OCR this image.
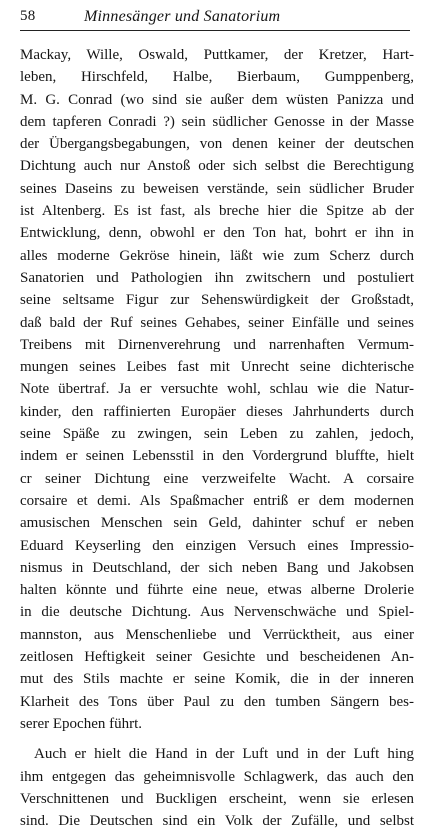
58	Minnesänger und Sanatorium
Mackay, Wille, Oswald, Puttkamer, der Kretzer, Hart-
leben, Hirschfeld, Halbe, Bierbaum, Gumppenberg,
M. G. Conrad (wo sind sie außer dem wüsten Panizza und
dem tapferen Conradi ?) sein südlicher Genosse in der Masse
der Übergangsbegabungen, von denen keiner der deutschen
Dichtung auch nur Anstoß oder sich selbst die Berechtigung
seines Daseins zu beweisen verstände, sein südlicher Bruder
ist Altenberg. Es ist fast, als breche hier die Spitze ab der
Entwicklung, denn, obwohl er den Ton hat, bohrt er ihn in
alles moderne Gekröse hinein, läßt wie zum Scherz durch
Sanatorien und Pathologien ihn zwitschern und postuliert
seine seltsame Figur zur Sehenswürdigkeit der Großstadt,
daß bald der Ruf seines Gehabes, seiner Einfälle und seines
Treibens mit Dirnenverehrung und narrenhaften Vermum-
mungen seines Leibes fast mit Unrecht seine dichterische
Note übertraf. Ja er versuchte wohl, schlau wie die Natur-
kinder, den raffinierten Europäer dieses Jahrhunderts durch
seine Späße zu zwingen, sein Leben zu zahlen, jedoch,
indem er seinen Lebensstil in den Vordergrund bluffte, hielt
cr seiner Dichtung eine verzweifelte Wacht. A corsaire
corsaire et demi. Als Spaßmacher entriß er dem modernen
amusischen Menschen sein Geld, dahinter schuf er neben
Eduard Keyserling den einzigen Versuch eines Impressio-
nismus in Deutschland, der sich neben Bang und Jakobsen
halten könnte und führte eine neue, etwas alberne Drolerie
in die deutsche Dichtung. Aus Nervenschwäche und Spiel-
mannston, aus Menschenliebe und Verrücktheit, aus einer
zeitlosen Heftigkeit seiner Gesichte und bescheidenen An-
mut des Stils machte er seine Komik, die in der inneren
Klarheit des Tons über Paul zu den tumben Sängern bes-
serer Epochen führt.
Auch er hielt die Hand in der Luft und in der Luft hing
ihm entgegen das geheimnisvolle Schlagwerk, das auch den
Verschnittenen und Buckligen erscheint, wenn sie erlesen
sind. Die Deutschen sind ein Volk der Zufälle, und selbst
